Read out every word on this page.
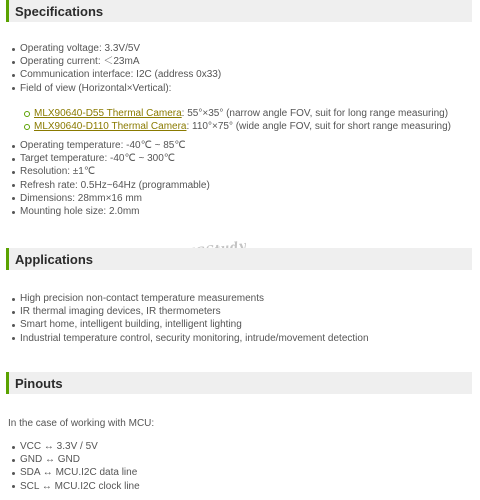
Specifications
Operating voltage: 3.3V/5V
Operating current: ＜23mA
Communication interface: I2C (address 0x33)
Field of view (Horizontal×Vertical):
MLX90640-D55 Thermal Camera: 55°×35° (narrow angle FOV, suit for long range measuring)
MLX90640-D110 Thermal Camera: 110°×75° (wide angle FOV, suit for short range measuring)
Operating temperature: -40℃ ~ 85℃
Target temperature: -40℃ ~ 300℃
Resolution: ±1℃
Refresh rate: 0.5Hz~64Hz (programmable)
Dimensions: 28mm×16 mm
Mounting hole size: 2.0mm
Applications
High precision non-contact temperature measurements
IR thermal imaging devices, IR thermometers
Smart home, intelligent building, intelligent lighting
Industrial temperature control, security monitoring, intrude/movement detection
Pinouts
In the case of working with MCU:
VCC ↔ 3.3V / 5V
GND ↔ GND
SDA ↔ MCU.I2C data line
SCL ↔ MCU.I2C clock line
